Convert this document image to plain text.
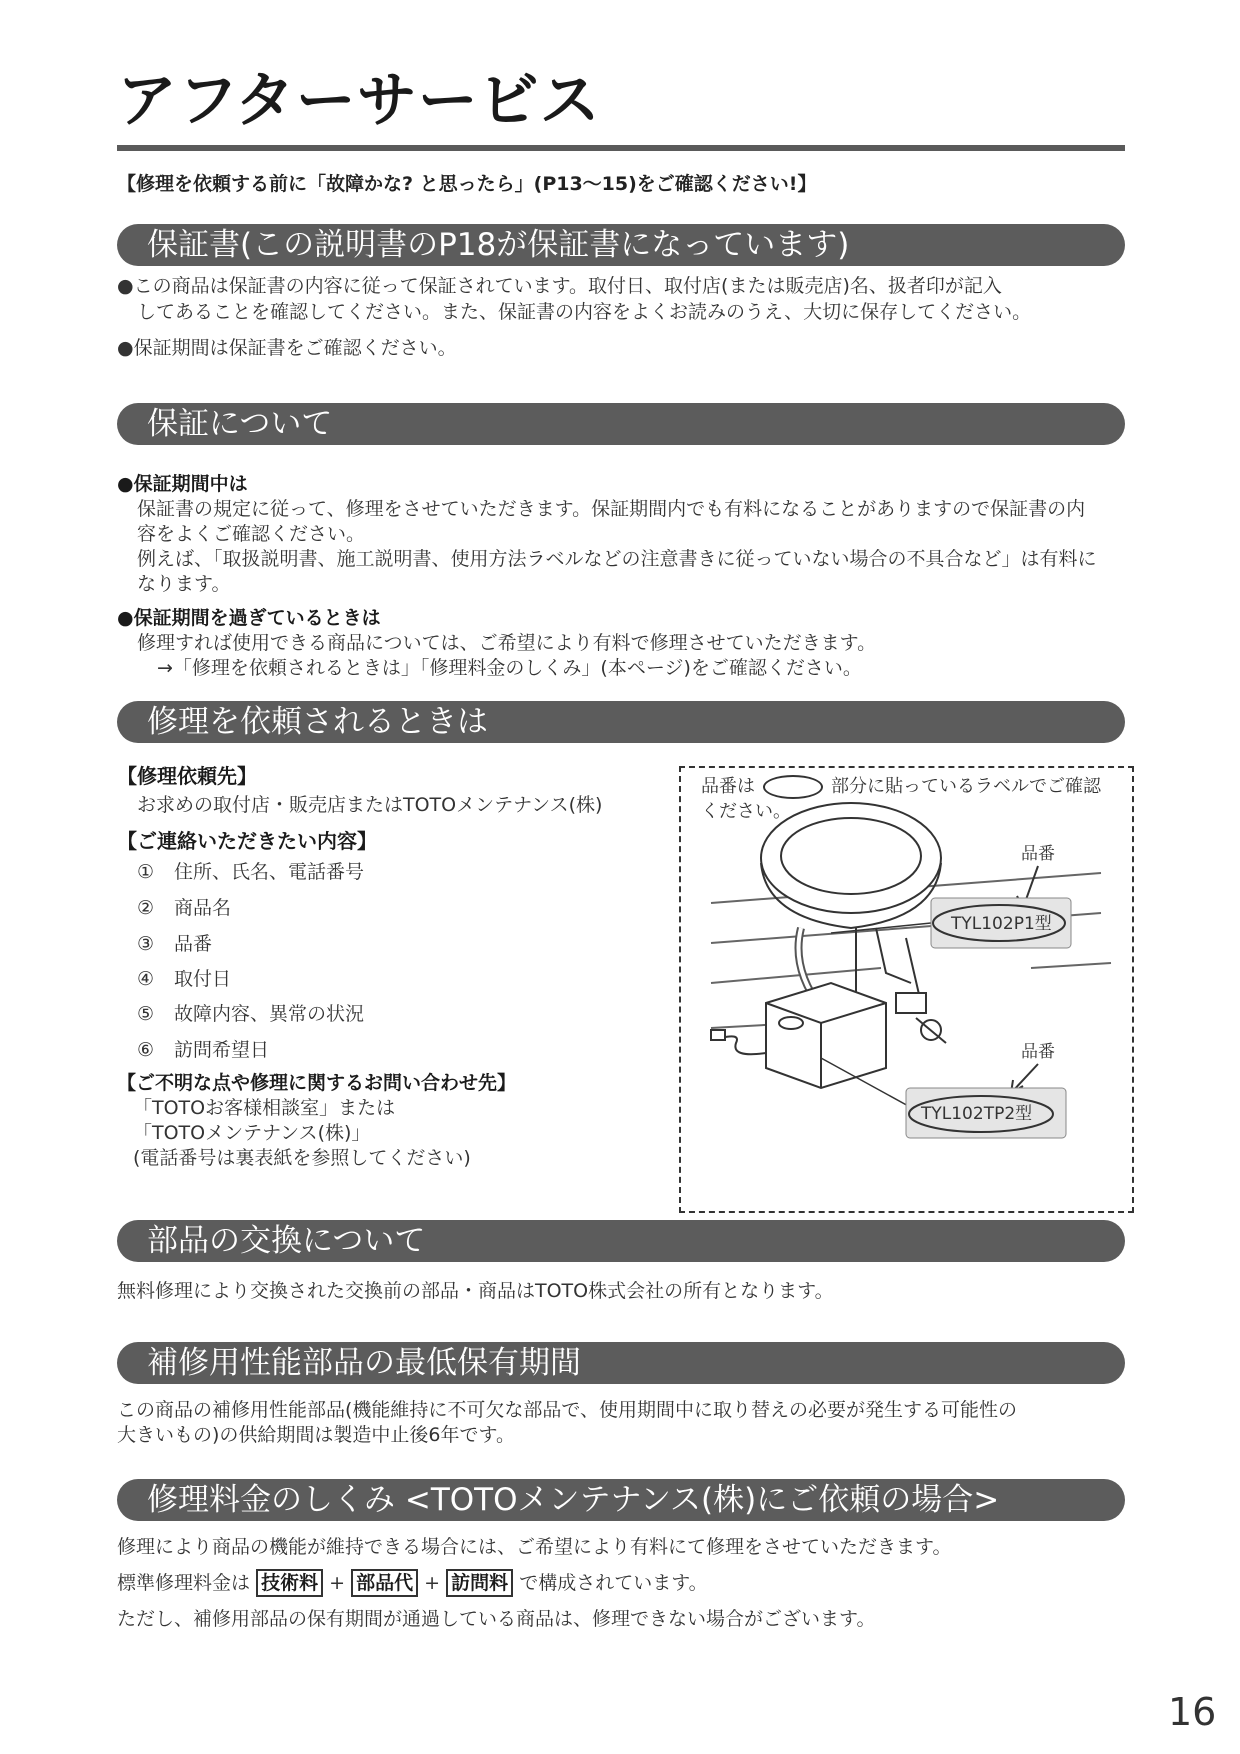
アフターサービス
【修理を依頼する前に「故障かな? と思ったら」(P13〜15)をご確認ください!】
保証書(この説明書のP18が保証書になっています)
●この商品は保証書の内容に従って保証されています。取付日、取付店(または販売店)名、扱者印が記入
してあることを確認してください。また、保証書の内容をよくお読みのうえ、大切に保存してください。
●保証期間は保証書をご確認ください。
保証について
●保証期間中は
保証書の規定に従って、修理をさせていただきます。保証期間内でも有料になることがありますので保証書の内
容をよくご確認ください。
例えば、「取扱説明書、施工説明書、使用方法ラベルなどの注意書きに従っていない場合の不具合など」は有料に
なります。
●保証期間を過ぎているときは
修理すれば使用できる商品については、ご希望により有料で修理させていただきます。
→「修理を依頼されるときは」「修理料金のしくみ」(本ページ)をご確認ください。
修理を依頼されるときは
【修理依頼先】
お求めの取付店・販売店またはTOTOメンテナンス(株)
【ご連絡いただきたい内容】
① 住所、氏名、電話番号
② 商品名
③ 品番
④ 取付日
⑤ 故障内容、異常の状況
⑥ 訪問希望日
【ご不明な点や修理に関するお問い合わせ先】
「TOTOお客様相談室」または
「TOTOメンテナンス(株)」
(電話番号は裏表紙を参照してください)
品番は	部分に貼っているラベルでご確認
ください。
品番
TYL102P1型
品番
TYL102TP2型
部品の交換について
無料修理により交換された交換前の部品・商品はTOTO株式会社の所有となります。
補修用性能部品の最低保有期間
この商品の補修用性能部品(機能維持に不可欠な部品で、使用期間中に取り替えの必要が発生する可能性の
大きいもの)の供給期間は製造中止後6年です。
修理料金のしくみ <TOTOメンテナンス(株)にご依頼の場合>
修理により商品の機能が維持できる場合には、ご希望により有料にて修理をさせていただきます。
標準修理料金は 技術料 + 部品代 + 訪問料 で構成されています。
ただし、補修用部品の保有期間が通過している商品は、修理できない場合がございます。
16
